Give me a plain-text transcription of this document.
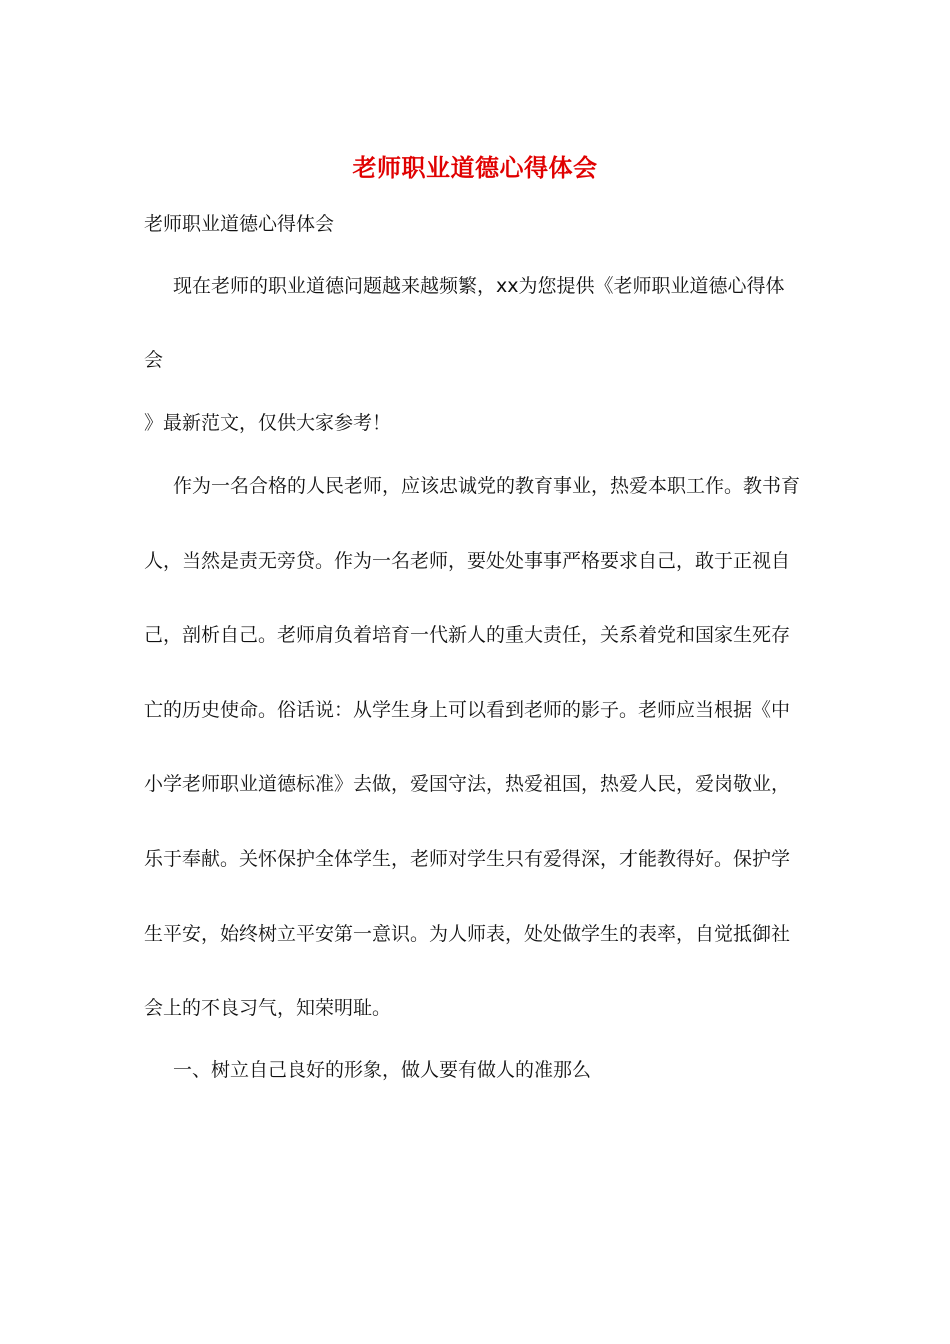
老师职业道德心得体会
老师职业道德心得体会
现在老师的职业道德问题越来越频繁，xx为您提供《老师职业道德心得体
会
》最新范文，仅供大家参考！
作为一名合格的人民老师，应该忠诚党的教育事业，热爱本职工作。教书育
人，当然是责无旁贷。作为一名老师，要处处事事严格要求自己，敢于正视自
己，剖析自己。老师肩负着培育一代新人的重大责任，关系着党和国家生死存
亡的历史使命。俗话说：从学生身上可以看到老师的影子。老师应当根据《中
小学老师职业道德标准》去做，爱国守法，热爱祖国，热爱人民，爱岗敬业，
乐于奉献。关怀保护全体学生，老师对学生只有爱得深，才能教得好。保护学
生平安，始终树立平安第一意识。为人师表，处处做学生的表率，自觉抵御社
会上的不良习气，知荣明耻。
一、树立自己良好的形象，做人要有做人的准那么
